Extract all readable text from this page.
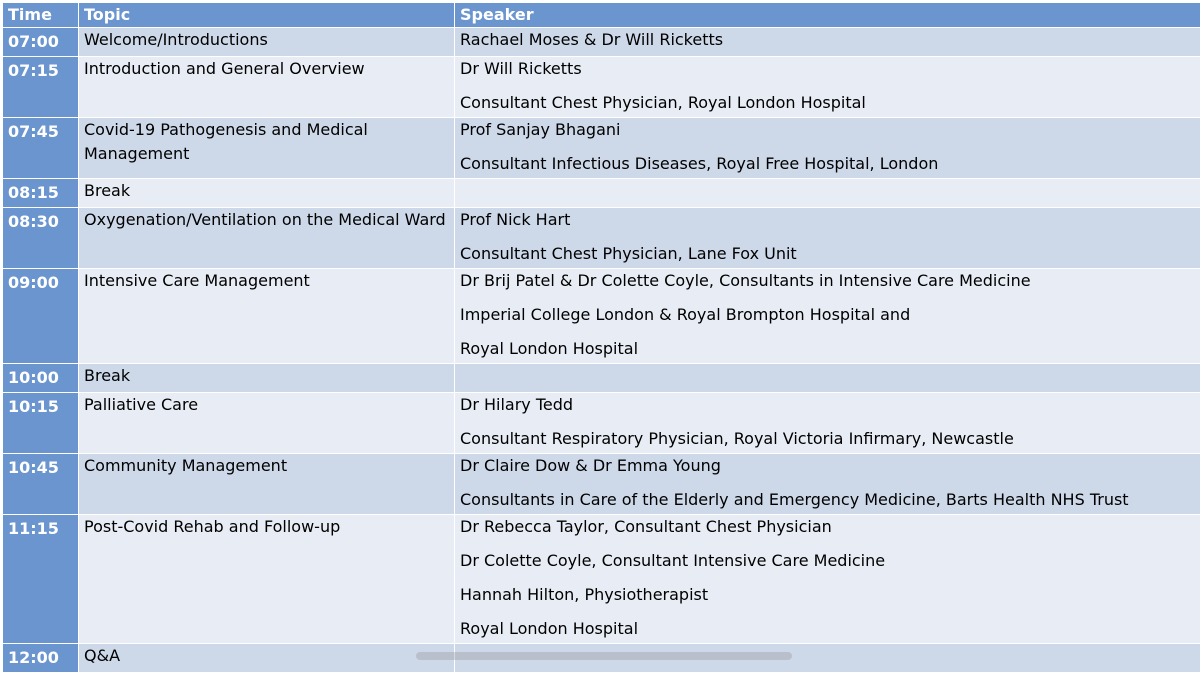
Time	Topic	Speaker
07:00	Welcome/Introductions	Rachael Moses & Dr Will Ricketts

07:15	Introduction and General Overview	Dr Will Ricketts
Consultant Chest Physician, Royal London Hospital

07:45	Covid-19 Pathogenesis and Medical Management	Prof Sanjay Bhagani
Consultant Infectious Diseases, Royal Free Hospital, London

08:15	Break	

08:30	Oxygenation/Ventilation on the Medical Ward	Prof Nick Hart
Consultant Chest Physician, Lane Fox Unit

09:00	Intensive Care Management	Dr Brij Patel & Dr Colette Coyle, Consultants in Intensive Care Medicine
Imperial College London & Royal Brompton Hospital and
Royal London Hospital

10:00	Break	

10:15	Palliative Care	Dr Hilary Tedd
Consultant Respiratory Physician, Royal Victoria Infirmary, Newcastle

10:45	Community Management	Dr Claire Dow & Dr Emma Young
Consultants in Care of the Elderly and Emergency Medicine, Barts Health NHS Trust

11:15	Post-Covid Rehab and Follow-up	Dr Rebecca Taylor, Consultant Chest Physician
Dr Colette Coyle, Consultant Intensive Care Medicine
Hannah Hilton, Physiotherapist
Royal London Hospital

12:00	Q&A	
